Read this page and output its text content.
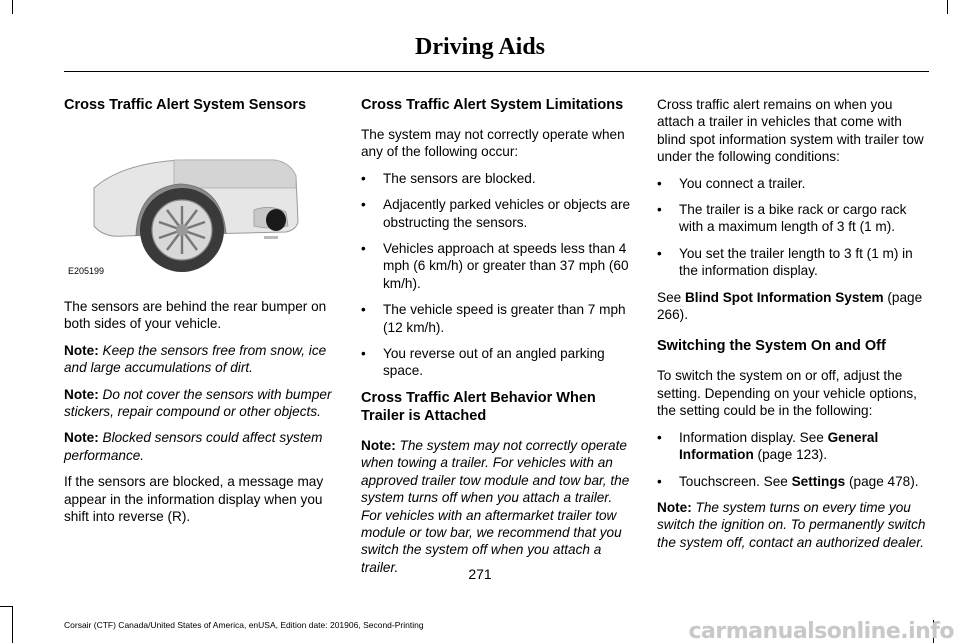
Driving Aids
Cross Traffic Alert System Sensors
E205199

The sensors are behind the rear bumper on both sides of your vehicle.

Note: Keep the sensors free from snow, ice and large accumulations of dirt.

Note: Do not cover the sensors with bumper stickers, repair compound or other objects.

Note: Blocked sensors could affect system performance.

If the sensors are blocked, a message may appear in the information display when you shift into reverse (R).

Cross Traffic Alert System Limitations

The system may not correctly operate when any of the following occur:

• The sensors are blocked.
• Adjacently parked vehicles or objects are obstructing the sensors.
• Vehicles approach at speeds less than 4 mph (6 km/h) or greater than 37 mph (60 km/h).
• The vehicle speed is greater than 7 mph (12 km/h).
• You reverse out of an angled parking space.
Cross Traffic Alert Behavior When Trailer is Attached

Note: The system may not correctly operate when towing a trailer. For vehicles with an approved trailer tow module and tow bar, the system turns off when you attach a trailer. For vehicles with an aftermarket trailer tow module or tow bar, we recommend that you switch the system off when you attach a trailer.

Cross traffic alert remains on when you attach a trailer in vehicles that come with blind spot information system with trailer tow under the following conditions:

• You connect a trailer.
• The trailer is a bike rack or cargo rack with a maximum length of 3 ft (1 m).
• You set the trailer length to 3 ft (1 m) in the information display.

See Blind Spot Information System (page 266).

Switching the System On and Off

To switch the system on or off, adjust the setting. Depending on your vehicle options, the setting could be in the following:

• Information display. See General Information (page 123).
• Touchscreen. See Settings (page 478).

Note: The system turns on every time you switch the ignition on. To permanently switch the system off, contact an authorized dealer.

271
Corsair (CTF) Canada/United States of America, enUSA, Edition date: 201906, Second-Printing	carmanualsonline.info
